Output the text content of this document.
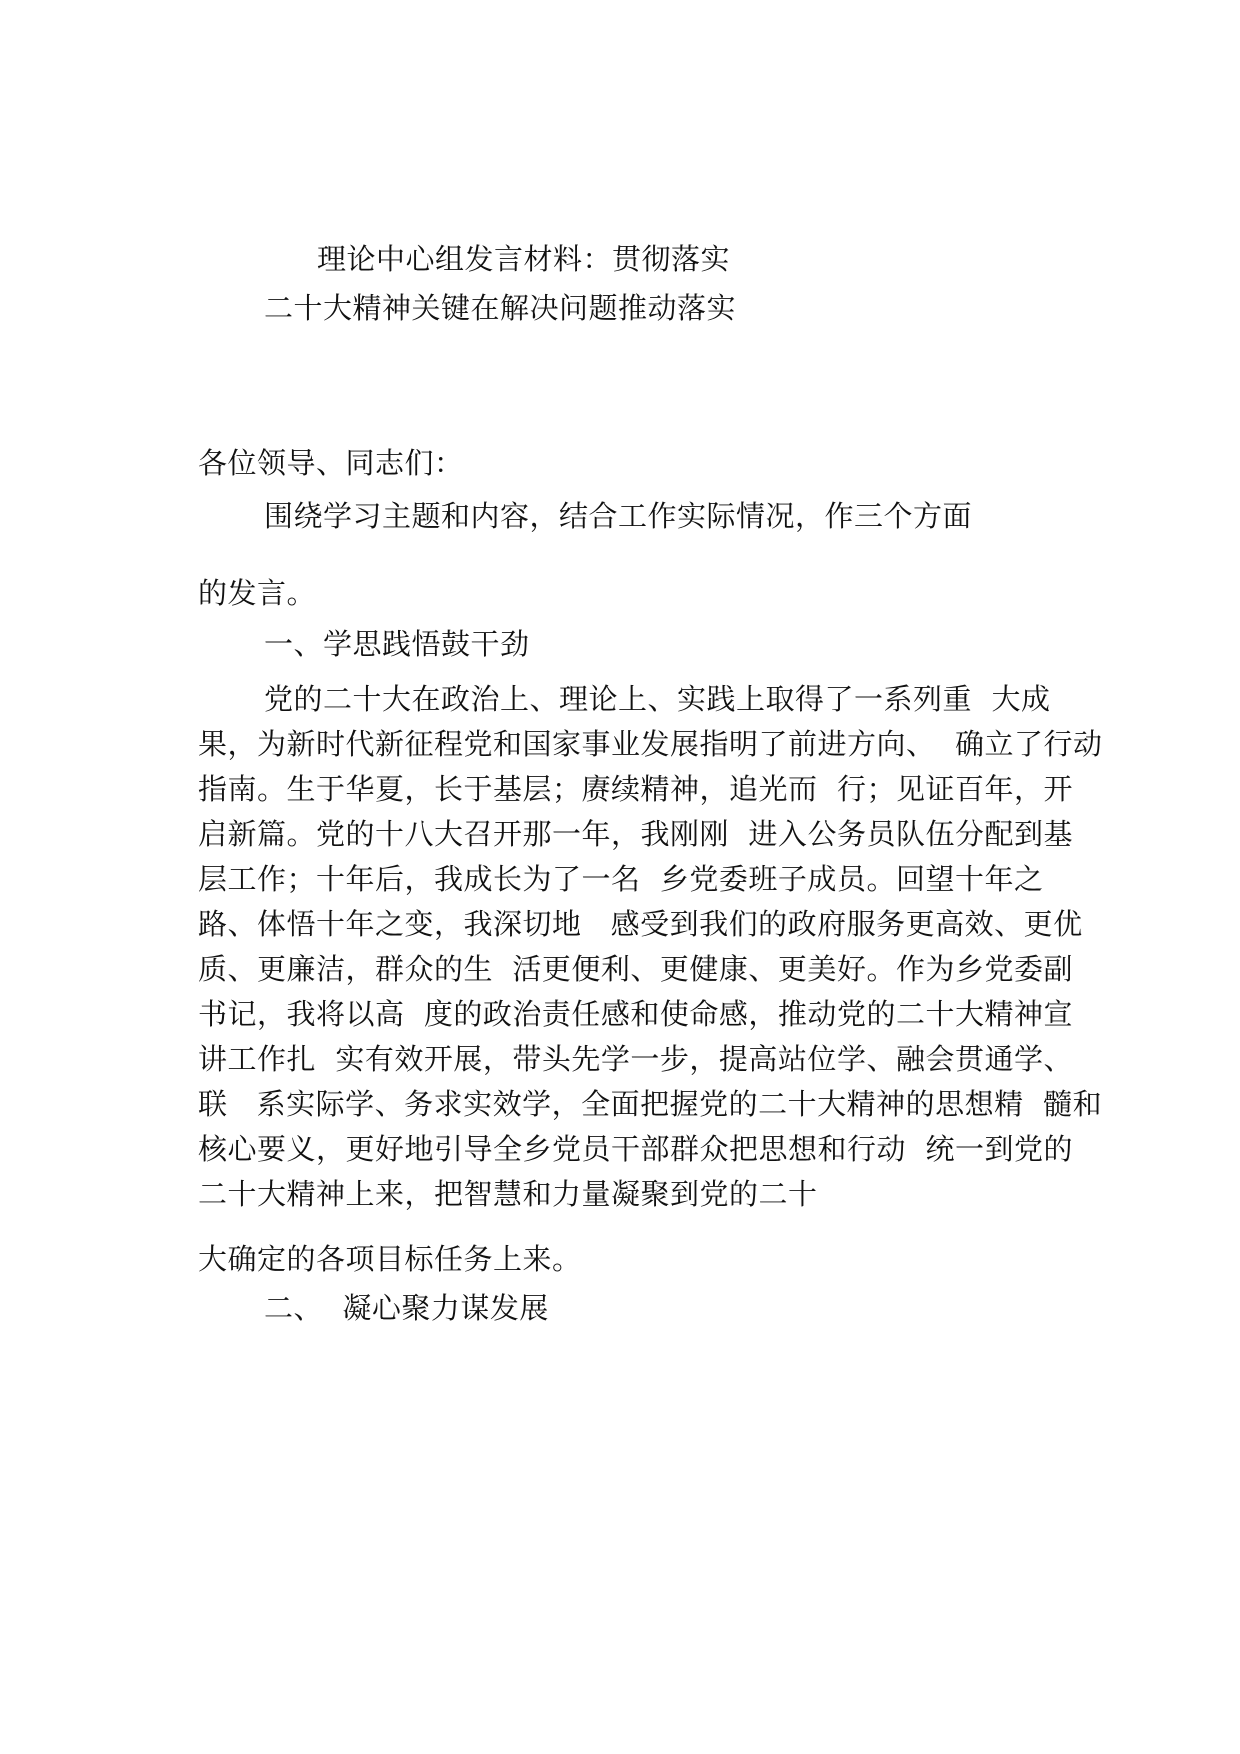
理论中心组发言材料：贯彻落实
二十大精神关键在解决问题推动落实
各位领导、同志们：
围绕学习主题和内容，结合工作实际情况，作三个方面
的发言。
一、学思践悟鼓干劲
党的二十大在政治上、理论上、实践上取得了一系列重  大成
果，为新时代新征程党和国家事业发展指明了前进方向、  确立了行动
指南。生于华夏，长于基层；赓续精神，追光而  行；见证百年，开
启新篇。党的十八大召开那一年，我刚刚  进入公务员队伍分配到基
层工作；十年后，我成长为了一名  乡党委班子成员。回望十年之
路、体悟十年之变，我深切地   感受到我们的政府服务更高效、更优
质、更廉洁，群众的生  活更便利、更健康、更美好。作为乡党委副
书记，我将以高  度的政治责任感和使命感，推动党的二十大精神宣
讲工作扎  实有效开展，带头先学一步，提高站位学、融会贯通学、
联   系实际学、务求实效学，全面把握党的二十大精神的思想精  髓和
核心要义，更好地引导全乡党员干部群众把思想和行动  统一到党的
二十大精神上来，把智慧和力量凝聚到党的二十
大确定的各项目标任务上来。
二、  凝心聚力谋发展
